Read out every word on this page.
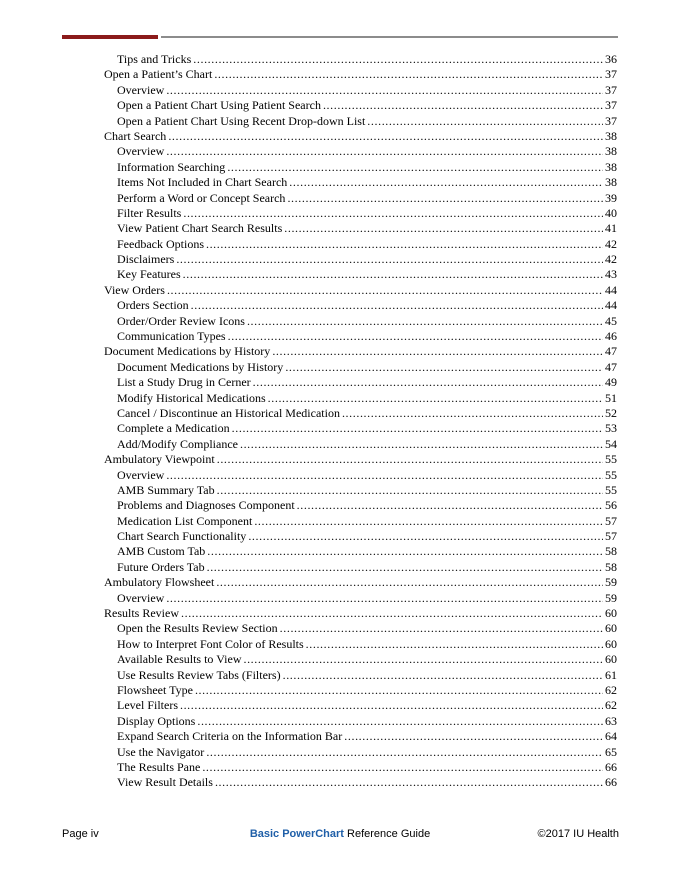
Tips and Tricks . . .	36
Open a Patient’s Chart . . .	37
Overview . . .	37
Open a Patient Chart Using Patient Search . . .	37
Open a Patient Chart Using Recent Drop-down List . . .	37
Chart Search . . .	38
Overview . . .	38
Information Searching . . .	38
Items Not Included in Chart Search . . .	38
Perform a Word or Concept Search . . .	39
Filter Results . . .	40
View Patient Chart Search Results . . .	41
Feedback Options . . .	42
Disclaimers . . .	42
Key Features . . .	43
View Orders . . .	44
Orders Section . . .	44
Order/Order Review Icons . . .	45
Communication Types . . .	46
Document Medications by History . . .	47
Document Medications by History . . .	47
List a Study Drug in Cerner . . .	49
Modify Historical Medications . . .	51
Cancel / Discontinue an Historical Medication . . .	52
Complete a Medication . . .	53
Add/Modify Compliance . . .	54
Ambulatory Viewpoint . . .	55
Overview . . .	55
AMB Summary Tab . . .	55
Problems and Diagnoses Component . . .	56
Medication List Component . . .	57
Chart Search Functionality . . .	57
AMB Custom Tab . . .	58
Future Orders Tab . . .	58
Ambulatory Flowsheet . . .	59
Overview . . .	59
Results Review . . .	60
Open the Results Review Section . . .	60
How to Interpret Font Color of Results . . .	60
Available Results to View . . .	60
Use Results Review Tabs (Filters) . . .	61
Flowsheet Type . . .	62
Level Filters . . .	62
Display Options . . .	63
Expand Search Criteria on the Information Bar . . .	64
Use the Navigator . . .	65
The Results Pane . . .	66
View Result Details . . .	66
Page iv	Basic PowerChart Reference Guide	©2017 IU Health
